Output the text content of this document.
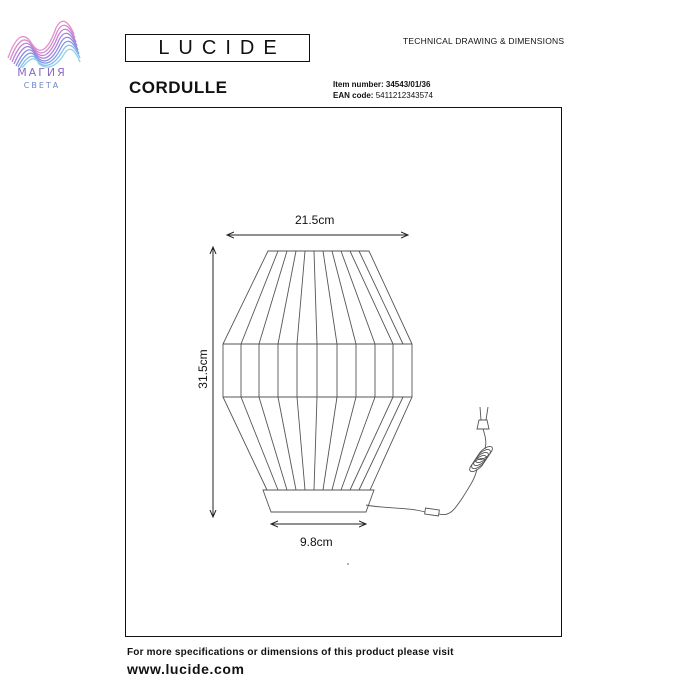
МАГИЯ
СВЕТА
LUCIDE	TECHNICAL DRAWING & DIMENSIONS
CORDULLE	Item number: 34543/01/36
EAN code: 5411212343574
21.5cm
31.5cm
9.8cm
For more specifications or dimensions of this product please visit
www.lucide.com
